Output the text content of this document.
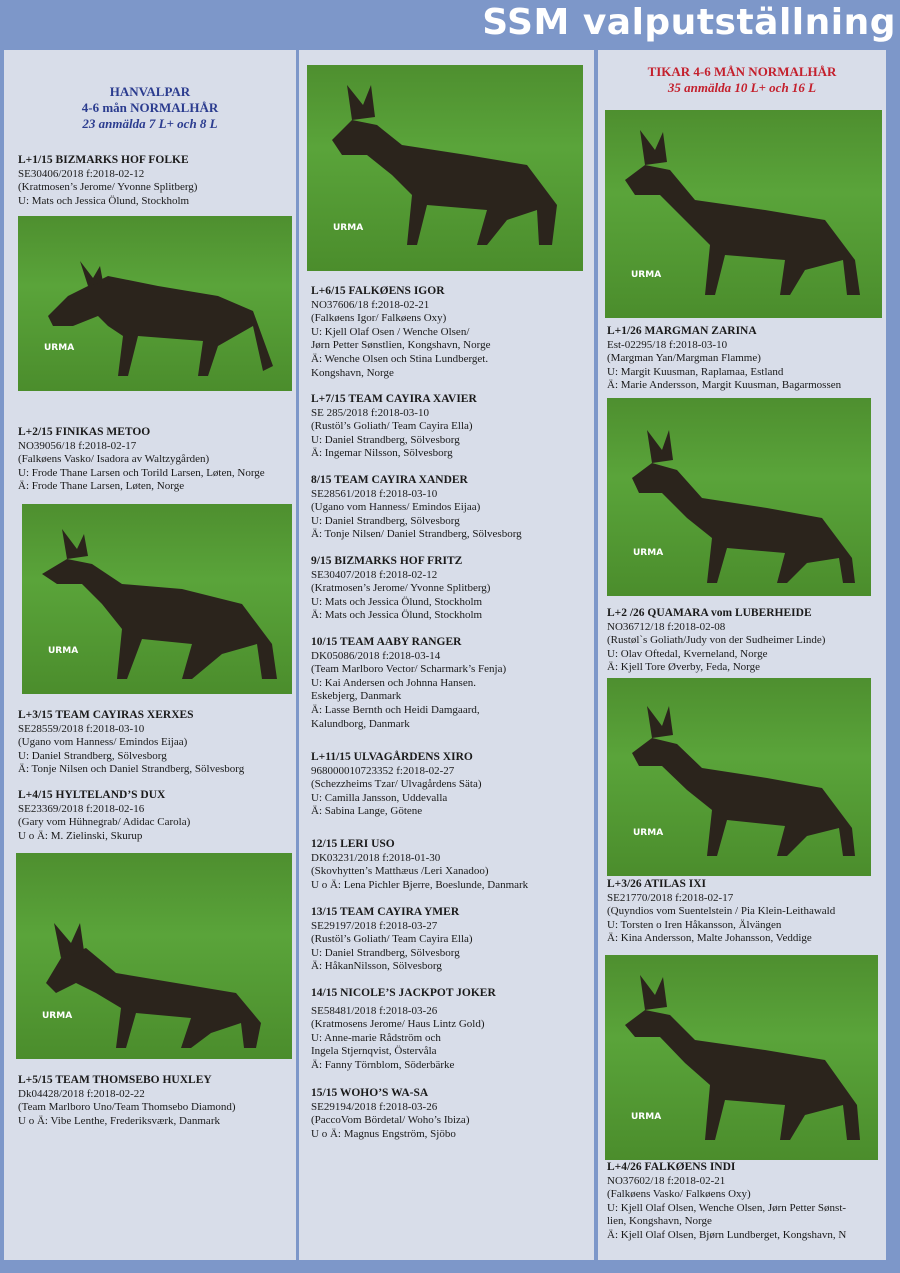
SSM valputställning
HANVALPAR
4-6 mån NORMALHÅR
23 anmälda 7 L+ och 8 L
L+1/15 BIZMARKS HOF FOLKE
SE30406/2018 f:2018-02-12
(Kratmosen’s Jerome/ Yvonne Splitberg)
U: Mats och Jessica Ölund, Stockholm
URMA
L+2/15 FINIKAS METOO
NO39056/18 f:2018-02-17
(Falkøens Vasko/ Isadora av Waltzygården)
U: Frode Thane Larsen och Torild Larsen, Løten, Norge
Ä: Frode Thane Larsen, Løten, Norge
URMA
L+3/15 TEAM CAYIRAS XERXES
SE28559/2018 f:2018-03-10
(Ugano vom Hanness/ Emindos Eijaa)
U: Daniel Strandberg, Sölvesborg
Ä: Tonje Nilsen och Daniel Strandberg, Sölvesborg
L+4/15 HYLTELAND’S DUX
SE23369/2018 f:2018-02-16
(Gary vom Hühnegrab/ Adidac Carola)
U o Ä: M. Zielinski, Skurup
URMA
L+5/15 TEAM THOMSEBO HUXLEY
Dk04428/2018 f:2018-02-22
(Team Marlboro Uno/Team Thomsebo Diamond)
U o Ä: Vibe Lenthe, Frederiksværk, Danmark
URMA
L+6/15 FALKØENS IGOR
NO37606/18 f:2018-02-21
(Falkøens Igor/ Falkøens Oxy)
U: Kjell Olaf Osen / Wenche Olsen/
Jørn Petter Sønstlien, Kongshavn, Norge
Ä: Wenche Olsen och Stina Lundberget.
Kongshavn, Norge
L+7/15 TEAM CAYIRA XAVIER
SE 285/2018 f:2018-03-10
(Rustöl’s Goliath/ Team Cayira Ella)
U: Daniel Strandberg, Sölvesborg
Ä: Ingemar Nilsson, Sölvesborg
8/15 TEAM CAYIRA XANDER
SE28561/2018 f:2018-03-10
(Ugano vom Hanness/ Emindos Eijaa)
U: Daniel Strandberg, Sölvesborg
Ä: Tonje Nilsen/ Daniel Strandberg, Sölvesborg
9/15 BIZMARKS HOF FRITZ
SE30407/2018 f:2018-02-12
(Kratmosen’s Jerome/ Yvonne Splitberg)
U: Mats och Jessica Ölund, Stockholm
Ä: Mats och Jessica Ölund, Stockholm
10/15 TEAM AABY RANGER
DK05086/2018 f:2018-03-14
(Team Marlboro Vector/ Scharmark’s Fenja)
U: Kai Andersen och Johnna Hansen.
Eskebjerg, Danmark
Ä: Lasse Bernth och Heidi Damgaard,
Kalundborg, Danmark
L+11/15 ULVAGÅRDENS XIRO
968000010723352 f:2018-02-27
(Schezzheims Tzar/ Ulvagårdens Säta)
U: Camilla Jansson, Uddevalla
Ä: Sabina Lange, Götene
12/15 LERI USO
DK03231/2018 f:2018-01-30
(Skovhytten’s Matthæus /Leri Xanadoo)
U o Ä: Lena Pichler Bjerre, Boeslunde, Danmark
13/15 TEAM CAYIRA YMER
SE29197/2018 f:2018-03-27
(Rustöl’s Goliath/ Team Cayira Ella)
U: Daniel Strandberg, Sölvesborg
Ä: HåkanNilsson, Sölvesborg
14/15 NICOLE’S JACKPOT JOKER
SE58481/2018 f:2018-03-26
(Kratmosens Jerome/ Haus Lintz Gold)
U: Anne-marie Rådström och
Ingela Stjernqvist, Östervåla
Ä: Fanny Törnblom, Söderbärke
15/15 WOHO’S WA-SA
SE29194/2018 f:2018-03-26
(PaccoVom Bördetal/ Woho’s Ibiza)
U o Ä: Magnus Engström, Sjöbo
TIKAR 4-6 MÅN NORMALHÅR
35 anmälda 10 L+ och 16 L
URMA
L+1/26 MARGMAN ZARINA
Est-02295/18 f:2018-03-10
(Margman Yan/Margman Flamme)
U: Margit Kuusman, Raplamaa, Estland
Ä: Marie Andersson, Margit Kuusman, Bagarmossen
URMA
L+2 /26 QUAMARA vom LUBERHEIDE
NO36712/18 f:2018-02-08
(Rustøl`s Goliath/Judy von der Sudheimer Linde)
U: Olav Oftedal, Kverneland, Norge
Ä: Kjell Tore Øverby, Feda, Norge
URMA
L+3/26 ATILAS IXI
SE21770/2018 f:2018-02-17
(Quyndios vom Suentelstein / Pia Klein-Leithawald
U: Torsten o Iren Håkansson, Älvängen
Ä: Kina Andersson, Malte Johansson, Veddige
URMA
L+4/26 FALKØENS INDI
NO37602/18 f:2018-02-21
(Falkøens Vasko/ Falkøens Oxy)
U: Kjell Olaf Olsen, Wenche Olsen, Jørn Petter Sønst-
lien, Kongshavn, Norge
Ä: Kjell Olaf Olsen, Bjørn Lundberget, Kongshavn, N
